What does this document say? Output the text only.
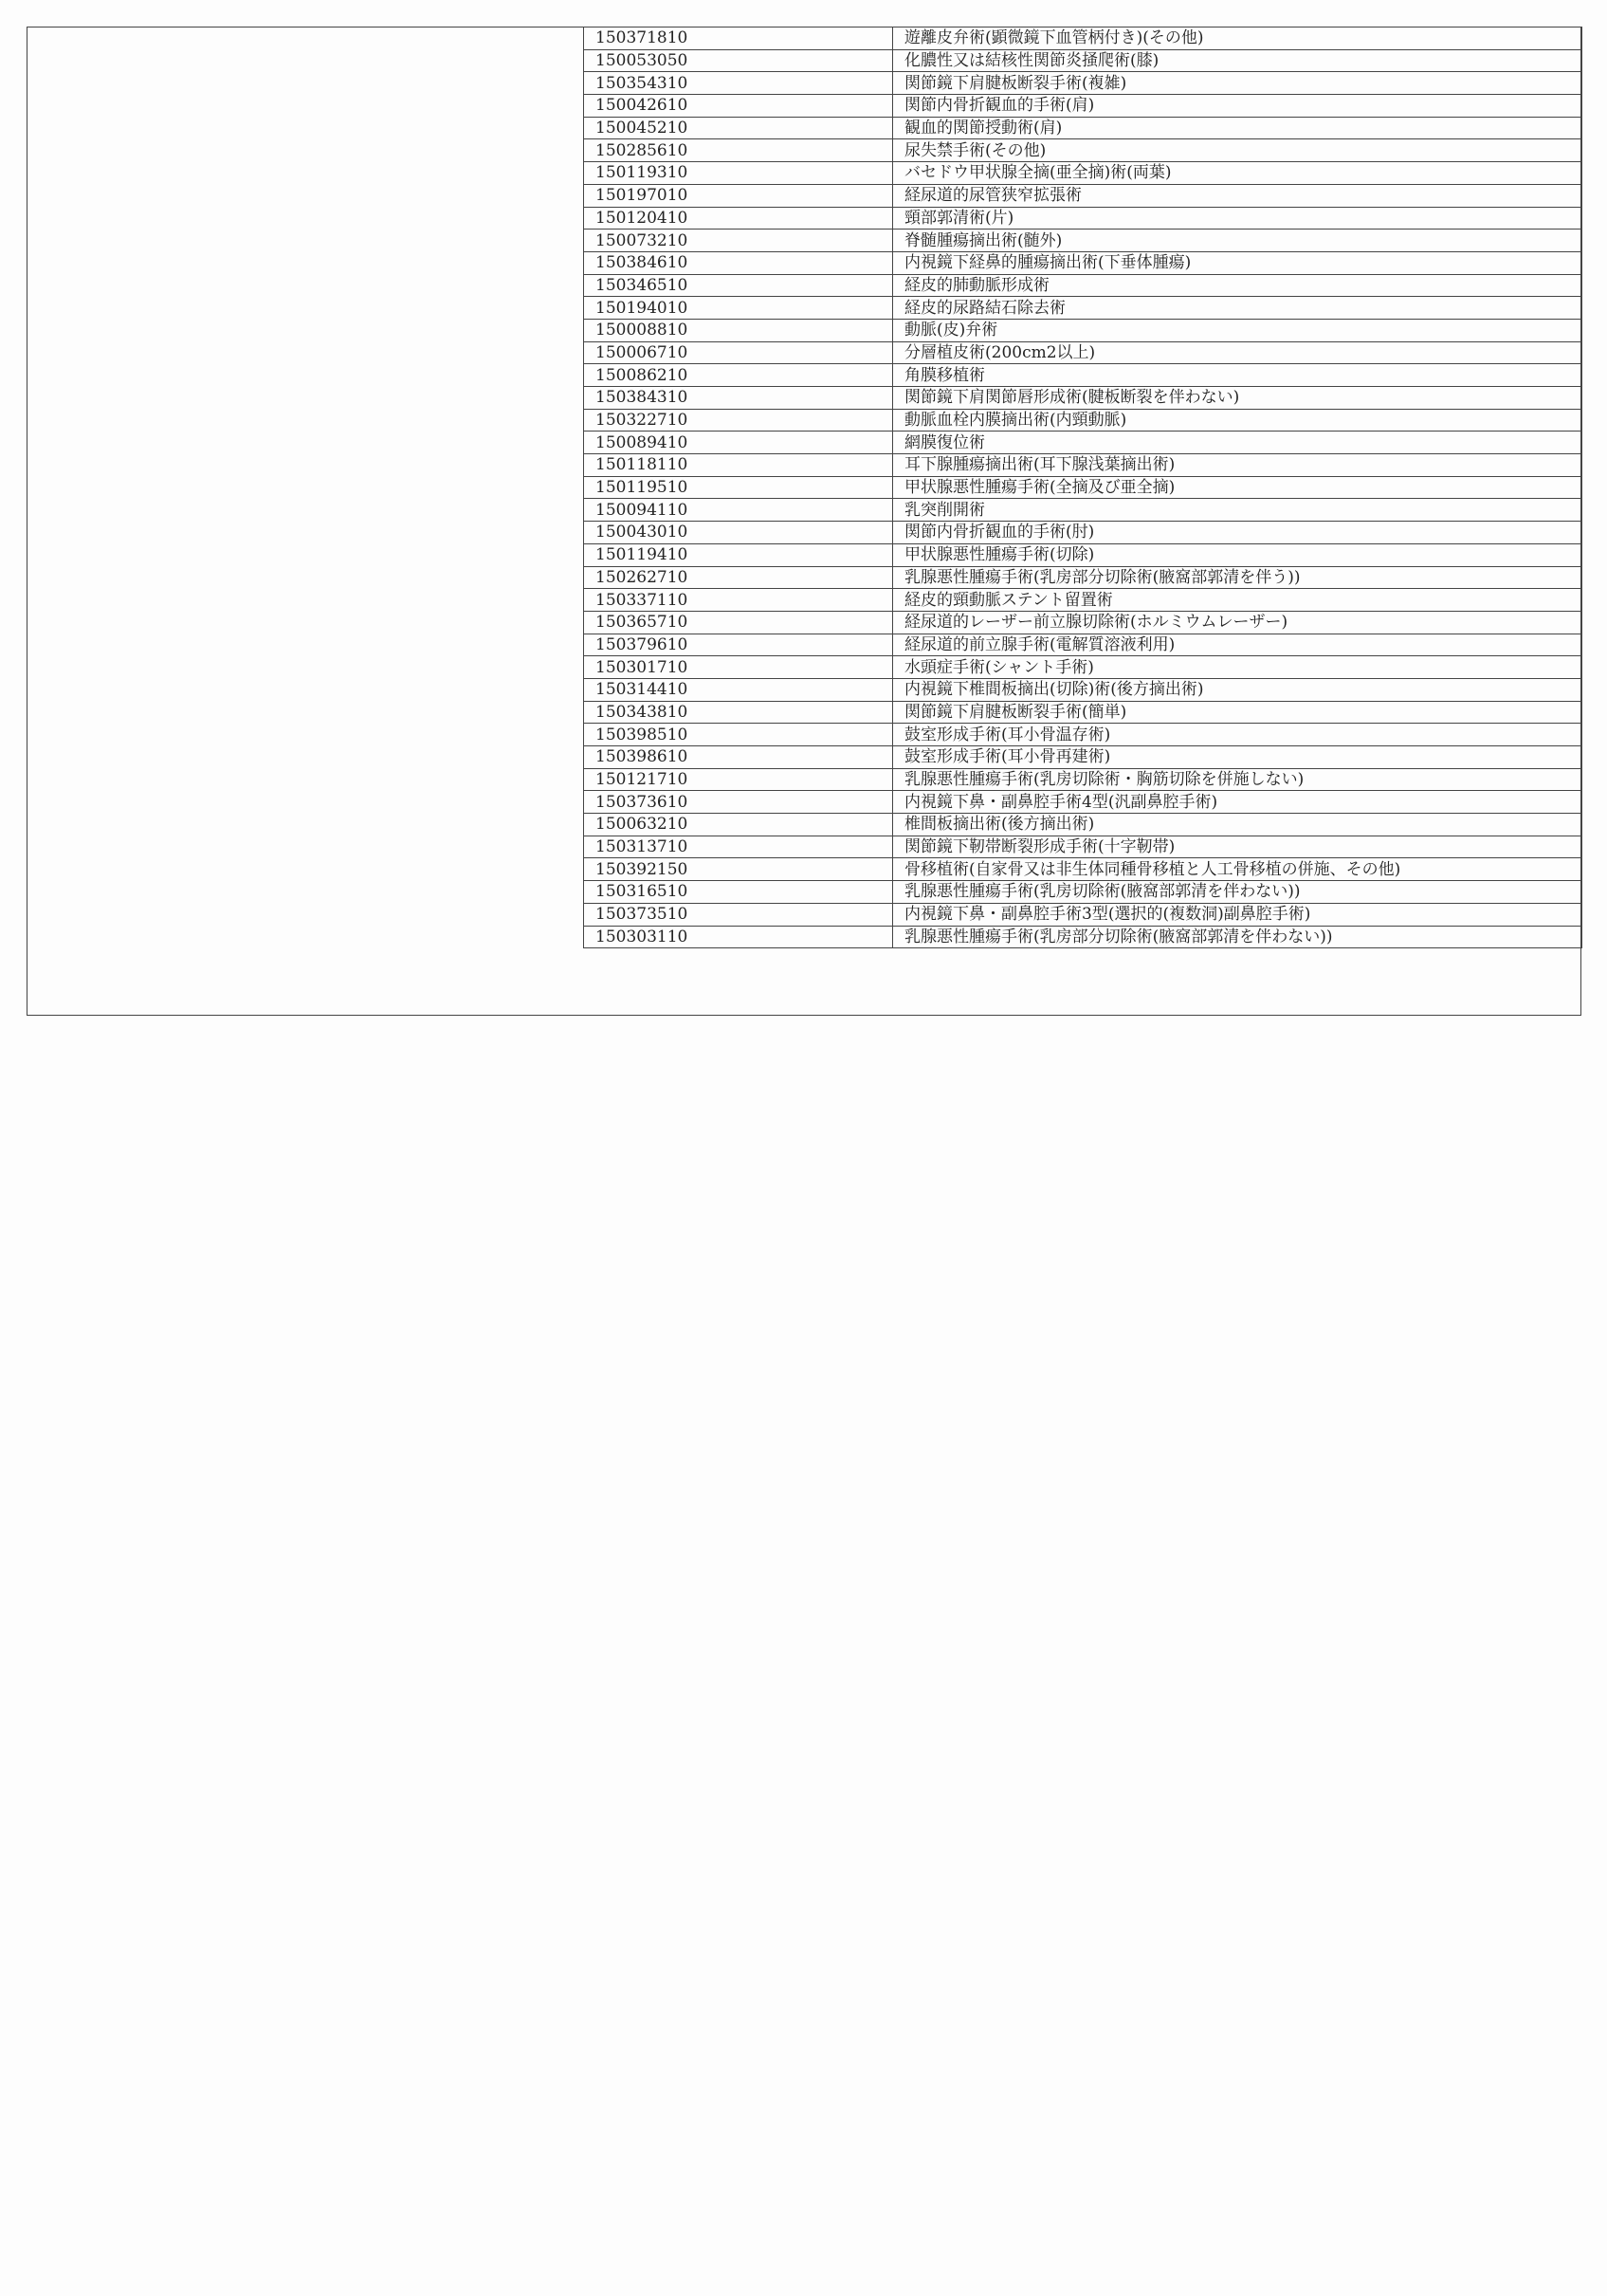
150371810	遊離皮弁術(顕微鏡下血管柄付き)(その他)
150053050	化膿性又は結核性関節炎掻爬術(膝)
150354310	関節鏡下肩腱板断裂手術(複雑)
150042610	関節内骨折観血的手術(肩)
150045210	観血的関節授動術(肩)
150285610	尿失禁手術(その他)
150119310	バセドウ甲状腺全摘(亜全摘)術(両葉)
150197010	経尿道的尿管狭窄拡張術
150120410	頸部郭清術(片)
150073210	脊髄腫瘍摘出術(髄外)
150384610	内視鏡下経鼻的腫瘍摘出術(下垂体腫瘍)
150346510	経皮的肺動脈形成術
150194010	経皮的尿路結石除去術
150008810	動脈(皮)弁術
150006710	分層植皮術(200cm2以上)
150086210	角膜移植術
150384310	関節鏡下肩関節唇形成術(腱板断裂を伴わない)
150322710	動脈血栓内膜摘出術(内頸動脈)
150089410	網膜復位術
150118110	耳下腺腫瘍摘出術(耳下腺浅葉摘出術)
150119510	甲状腺悪性腫瘍手術(全摘及び亜全摘)
150094110	乳突削開術
150043010	関節内骨折観血的手術(肘)
150119410	甲状腺悪性腫瘍手術(切除)
150262710	乳腺悪性腫瘍手術(乳房部分切除術(腋窩部郭清を伴う))
150337110	経皮的頸動脈ステント留置術
150365710	経尿道的レーザー前立腺切除術(ホルミウムレーザー)
150379610	経尿道的前立腺手術(電解質溶液利用)
150301710	水頭症手術(シャント手術)
150314410	内視鏡下椎間板摘出(切除)術(後方摘出術)
150343810	関節鏡下肩腱板断裂手術(簡単)
150398510	鼓室形成手術(耳小骨温存術)
150398610	鼓室形成手術(耳小骨再建術)
150121710	乳腺悪性腫瘍手術(乳房切除術・胸筋切除を併施しない)
150373610	内視鏡下鼻・副鼻腔手術4型(汎副鼻腔手術)
150063210	椎間板摘出術(後方摘出術)
150313710	関節鏡下靭帯断裂形成手術(十字靭帯)
150392150	骨移植術(自家骨又は非生体同種骨移植と人工骨移植の併施、その他)
150316510	乳腺悪性腫瘍手術(乳房切除術(腋窩部郭清を伴わない))
150373510	内視鏡下鼻・副鼻腔手術3型(選択的(複数洞)副鼻腔手術)
150303110	乳腺悪性腫瘍手術(乳房部分切除術(腋窩部郭清を伴わない))
